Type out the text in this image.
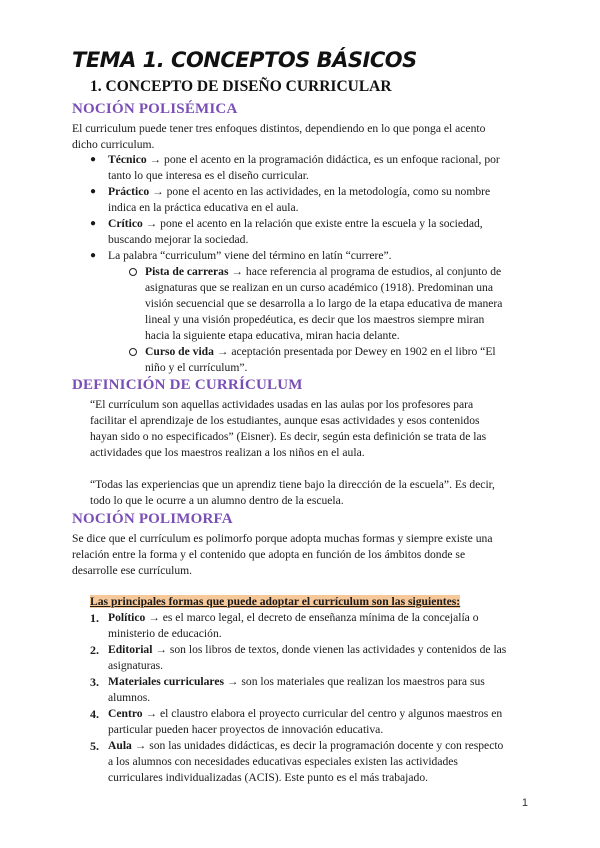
TEMA 1. CONCEPTOS BÁSICOS
1. CONCEPTO DE DISEÑO CURRICULAR
NOCIÓN POLISÉMICA

El curriculum puede tener tres enfoques distintos, dependiendo en lo que ponga el acento

dicho curriculum.

● Técnico → pone el acento en la programación didáctica, es un enfoque racional, por

tanto lo que interesa es el diseño curricular.

● Práctico → pone el acento en las actividades, en la metodología, como su nombre

indica en la práctica educativa en el aula.

● Crítico → pone el acento en la relación que existe entre la escuela y la sociedad,

buscando mejorar la sociedad.

● La palabra “curriculum” viene del término en latín “currere”.

Pista de carreras → hace referencia al programa de estudios, al conjunto de

asignaturas que se realizan en un curso académico (1918). Predominan una

visión secuencial que se desarrolla a lo largo de la etapa educativa de manera

lineal y una visión propedéutica, es decir que los maestros siempre miran

hacia la siguiente etapa educativa, miran hacia delante.

Curso de vida → aceptación presentada por Dewey en 1902 en el libro “El

niño y el currículum”.

DEFINICIÓN DE CURRÍCULUM

“El currículum son aquellas actividades usadas en las aulas por los profesores para

facilitar el aprendizaje de los estudiantes, aunque esas actividades y esos contenidos

hayan sido o no especificados” (Eisner). Es decir, según esta definición se trata de las

actividades que los maestros realizan a los niños en el aula.

“Todas las experiencias que un aprendiz tiene bajo la dirección de la escuela”. Es decir,

todo lo que le ocurre a un alumno dentro de la escuela.

NOCIÓN POLIMORFA

Se dice que el currículum es polimorfo porque adopta muchas formas y siempre existe una

relación entre la forma y el contenido que adopta en función de los ámbitos donde se

desarrolle ese currículum.

Las principales formas que puede adoptar el currículum son las siguientes:

1. Político → es el marco legal, el decreto de enseñanza mínima de la concejalía o

ministerio de educación.

2. Editorial → son los libros de textos, donde vienen las actividades y contenidos de las

asignaturas.

3. Materiales curriculares → son los materiales que realizan los maestros para sus

alumnos.

4. Centro → el claustro elabora el proyecto curricular del centro y algunos maestros en

particular pueden hacer proyectos de innovación educativa.

5. Aula → son las unidades didácticas, es decir la programación docente y con respecto

a los alumnos con necesidades educativas especiales existen las actividades

curriculares individualizadas (ACIS). Este punto es el más trabajado.

1
